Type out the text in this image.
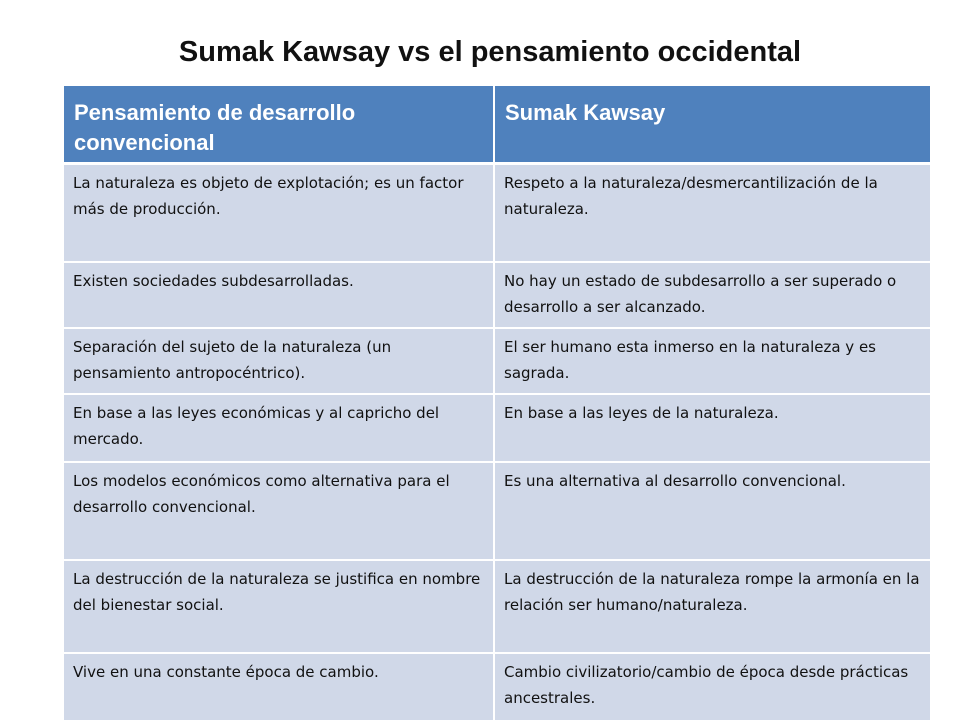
Sumak Kawsay vs el pensamiento occidental
Pensamiento de desarrollo convencional	Sumak Kawsay
La naturaleza es objeto de explotación; es un factor más de producción.	Respeto a la naturaleza/desmercantilización de la naturaleza.
Existen sociedades subdesarrolladas.	No hay un estado de subdesarrollo a ser superado o desarrollo a ser alcanzado.
Separación del sujeto de la naturaleza (un pensamiento antropocéntrico).	El ser humano esta inmerso en la naturaleza y es sagrada.
En base a las leyes económicas y al capricho del mercado.	En base a las leyes de la naturaleza.
Los modelos económicos como alternativa para el desarrollo convencional.	Es una alternativa al desarrollo convencional.
La destrucción de la naturaleza se justifica en nombre del bienestar social.	La destrucción de la naturaleza rompe la armonía en la relación ser humano/naturaleza.
Vive en una constante época de cambio.	Cambio civilizatorio/cambio de época desde prácticas ancestrales.
